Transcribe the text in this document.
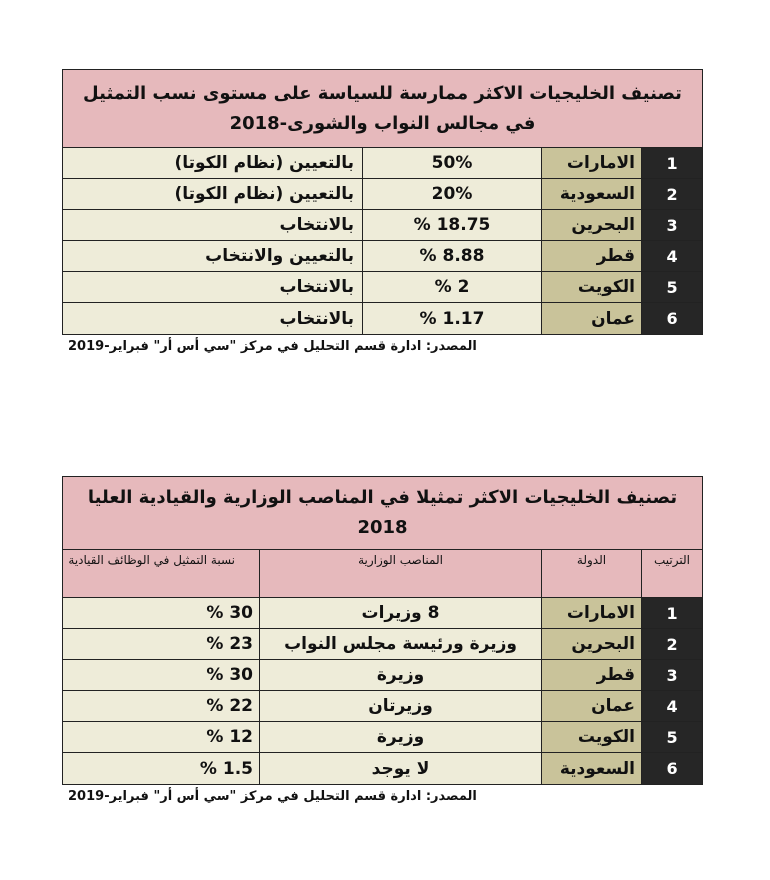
تصنيف الخليجيات الاكثر ممارسة للسياسة على مستوى نسب التمثيل في مجالس النواب والشورى-2018
1
الامارات
50%
بالتعيين (نظام الكوتا)
2
السعودية
20%
بالتعيين (نظام الكوتا)
3
البحرين
18.75 %
بالانتخاب
4
قطر
8.88 %
بالتعيين والانتخاب
5
الكويت
2 %
بالانتخاب
6
عمان
1.17 %
بالانتخاب
المصدر: ادارة قسم التحليل في مركز "سي أس أر" فبراير-2019
تصنيف الخليجيات الاكثر تمثيلا في المناصب الوزارية والقيادية العليا 2018
الترتيب
الدولة
المناصب الوزارية
نسبة التمثيل في الوظائف القيادية
1
الامارات
8 وزيرات
30 %
2
البحرين
وزيرة ورئيسة مجلس النواب
23 %
3
قطر
وزيرة
30 %
4
عمان
وزيرتان
22 %
5
الكويت
وزيرة
12 %
6
السعودية
لا يوجد
1.5 %
المصدر: ادارة قسم التحليل في مركز "سي أس أر" فبراير-2019
